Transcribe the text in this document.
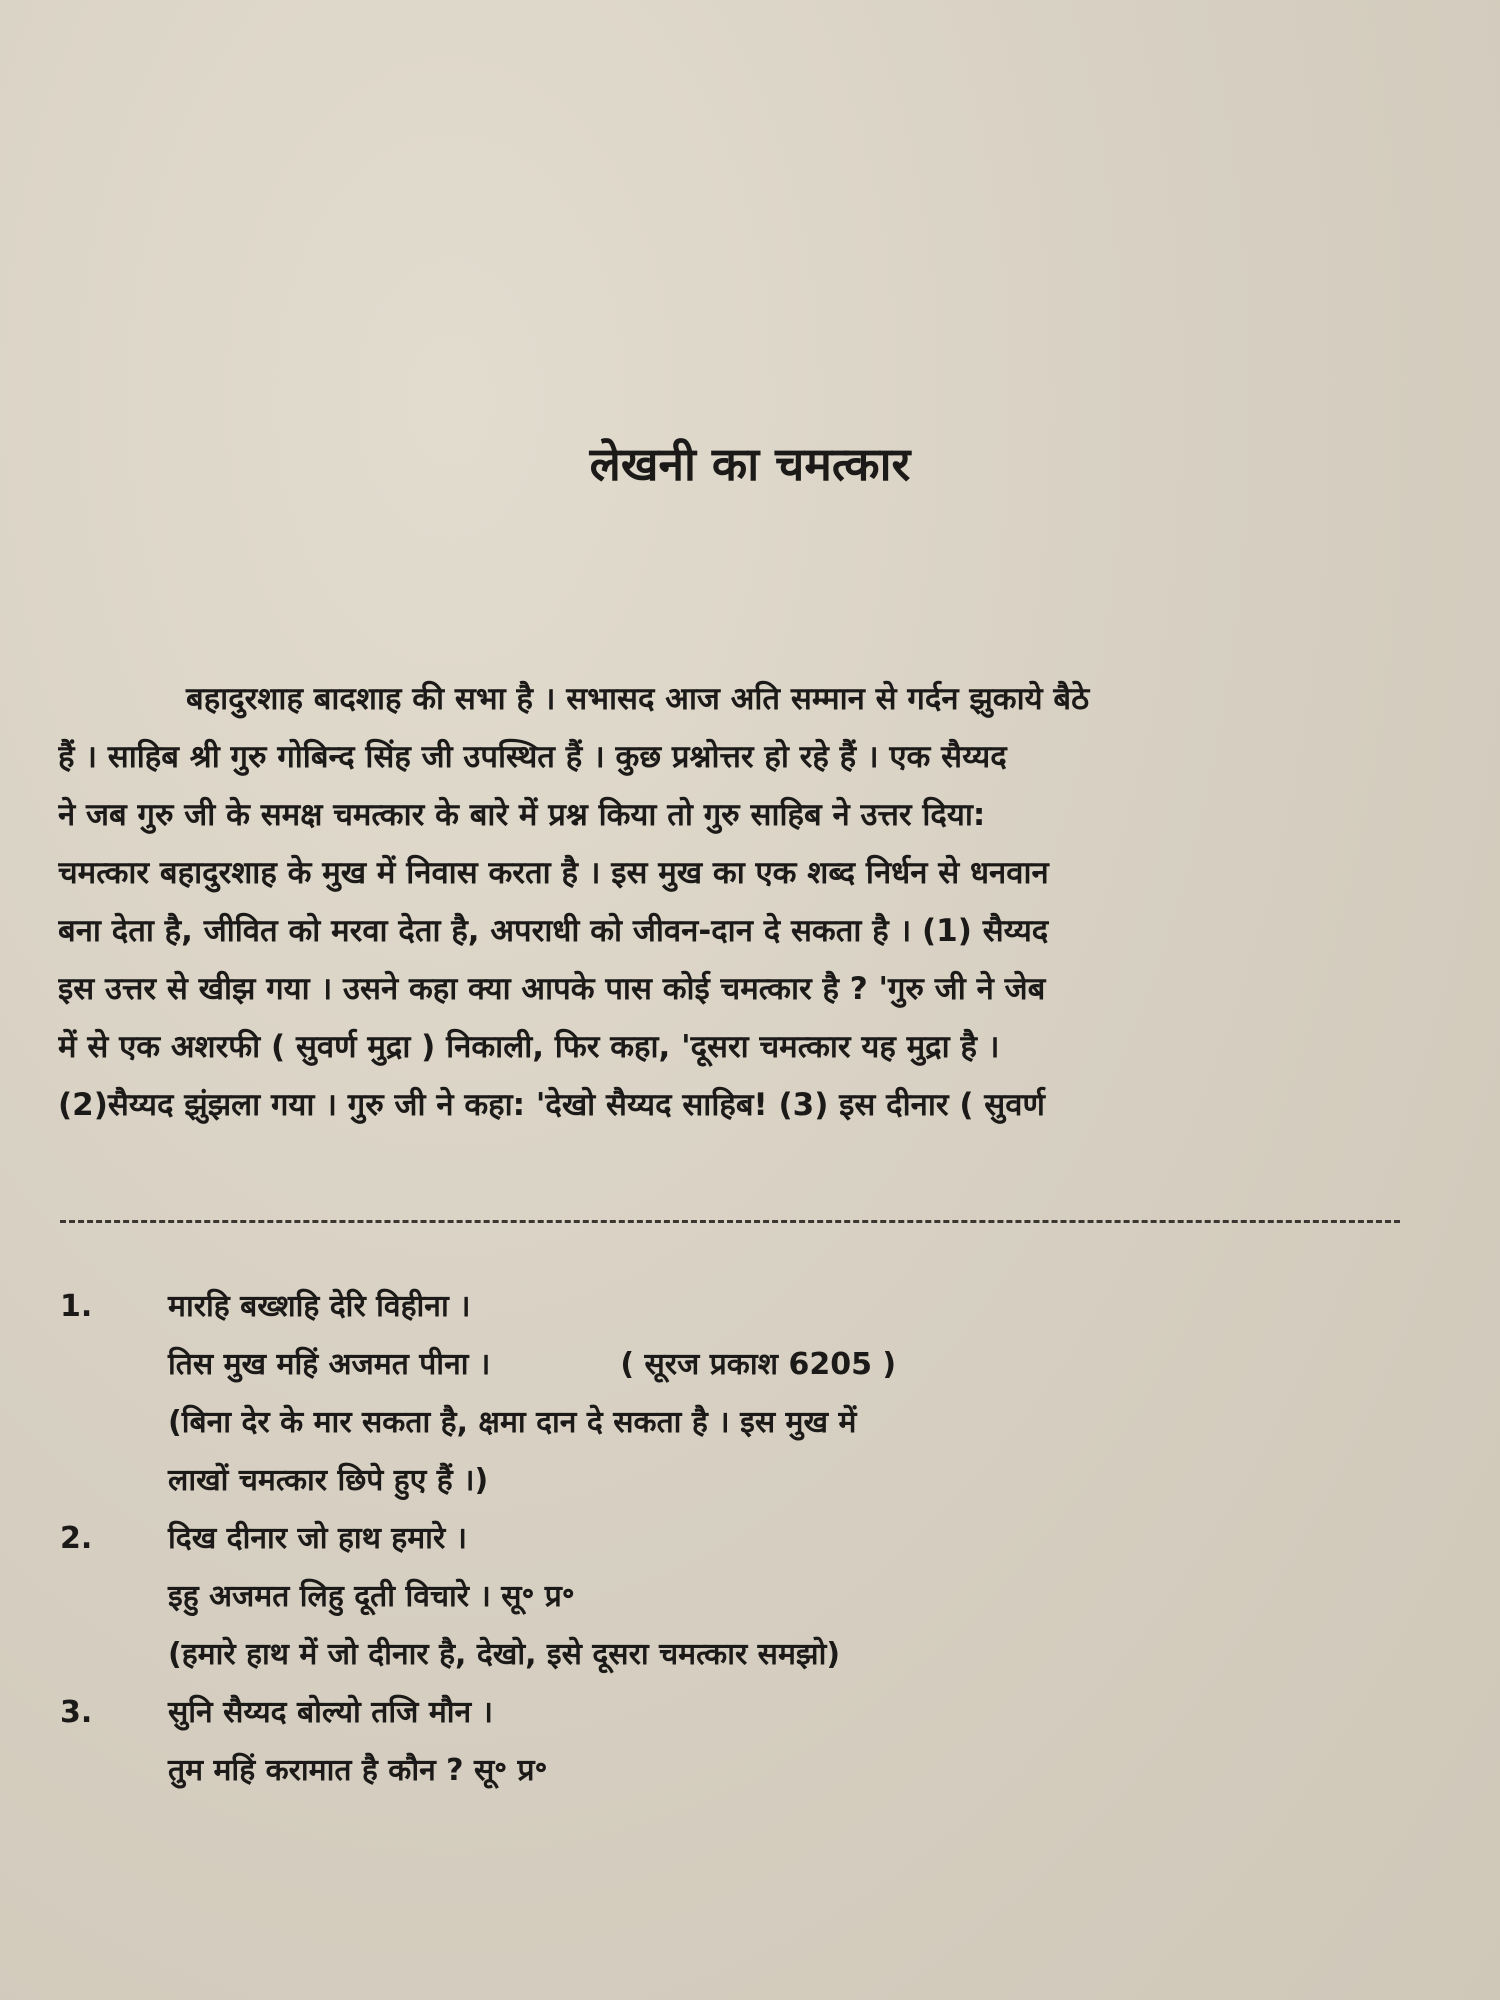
लेखनी का चमत्कार
बहादुरशाह बादशाह की सभा है । सभासद आज अति सम्मान से गर्दन झुकाये बैठे
हैं । साहिब श्री गुरु गोबिन्द सिंह जी उपस्थित हैं । कुछ प्रश्नोत्तर हो रहे हैं । एक सैय्यद
ने जब गुरु जी के समक्ष चमत्कार के बारे में प्रश्न किया तो गुरु साहिब ने उत्तर दिया:
चमत्कार बहादुरशाह के मुख में निवास करता है । इस मुख का एक शब्द निर्धन से धनवान
बना देता है, जीवित को मरवा देता है, अपराधी को जीवन-दान दे सकता है । (1) सैय्यद
इस उत्तर से खीझ गया । उसने कहा क्या आपके पास कोई चमत्कार है ? 'गुरु जी ने जेब
में से एक अशरफी ( सुवर्ण मुद्रा ) निकाली, फिर कहा, 'दूसरा चमत्कार यह मुद्रा है ।
(2)सैय्यद झुंझला गया । गुरु जी ने कहा: 'देखो सैय्यद साहिब! (3) इस दीनार ( सुवर्ण
1.	मारहि बख्शहि देरि विहीना ।
तिस मुख महिं अजमत पीना ।	( सूरज प्रकाश 6205 )
(बिना देर के मार सकता है, क्षमा दान दे सकता है । इस मुख में
लाखों चमत्कार छिपे हुए हैं ।)
2.	दिख दीनार जो हाथ हमारे ।
इहु अजमत लिहु दूती विचारे । सू॰ प्र॰
(हमारे हाथ में जो दीनार है, देखो, इसे दूसरा चमत्कार समझो)
3.	सुनि सैय्यद बोल्यो तजि मौन ।
तुम महिं करामात है कौन ? सू॰ प्र॰
